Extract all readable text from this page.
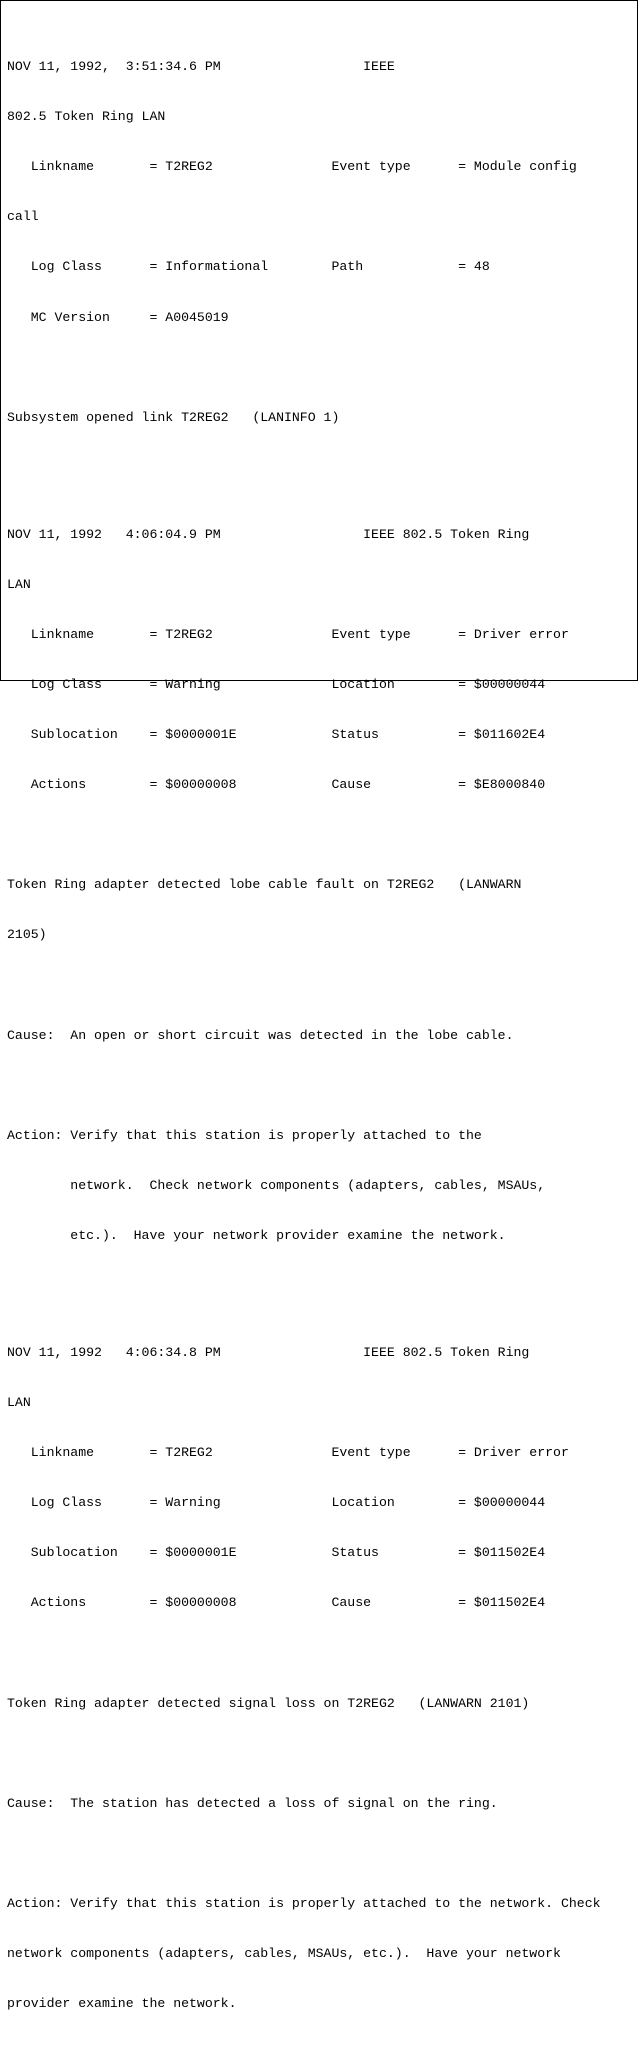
NOV 11, 1992,  3:51:34.6 PM                  IEEE

802.5 Token Ring LAN

Linkname       = T2REG2               Event type      = Module config

call

Log Class      = Informational        Path            = 48

MC Version     = A0045019

Subsystem opened link T2REG2   (LANINFO 1)

NOV 11, 1992   4:06:04.9 PM                  IEEE 802.5 Token Ring

LAN

Linkname       = T2REG2               Event type      = Driver error

Log Class      = Warning              Location        = $00000044

Sublocation    = $0000001E            Status          = $011602E4

Actions        = $00000008            Cause           = $E8000840

Token Ring adapter detected lobe cable fault on T2REG2   (LANWARN

2105)

Cause:  An open or short circuit was detected in the lobe cable.

Action: Verify that this station is properly attached to the

network.  Check network components (adapters, cables, MSAUs,

etc.).  Have your network provider examine the network.

NOV 11, 1992   4:06:34.8 PM                  IEEE 802.5 Token Ring

LAN

Linkname       = T2REG2               Event type      = Driver error

Log Class      = Warning              Location        = $00000044

Sublocation    = $0000001E            Status          = $011502E4

Actions        = $00000008            Cause           = $011502E4

Token Ring adapter detected signal loss on T2REG2   (LANWARN 2101)

Cause:  The station has detected a loss of signal on the ring.

Action: Verify that this station is properly attached to the network. Check

network components (adapters, cables, MSAUs, etc.).  Have your network

provider examine the network.
